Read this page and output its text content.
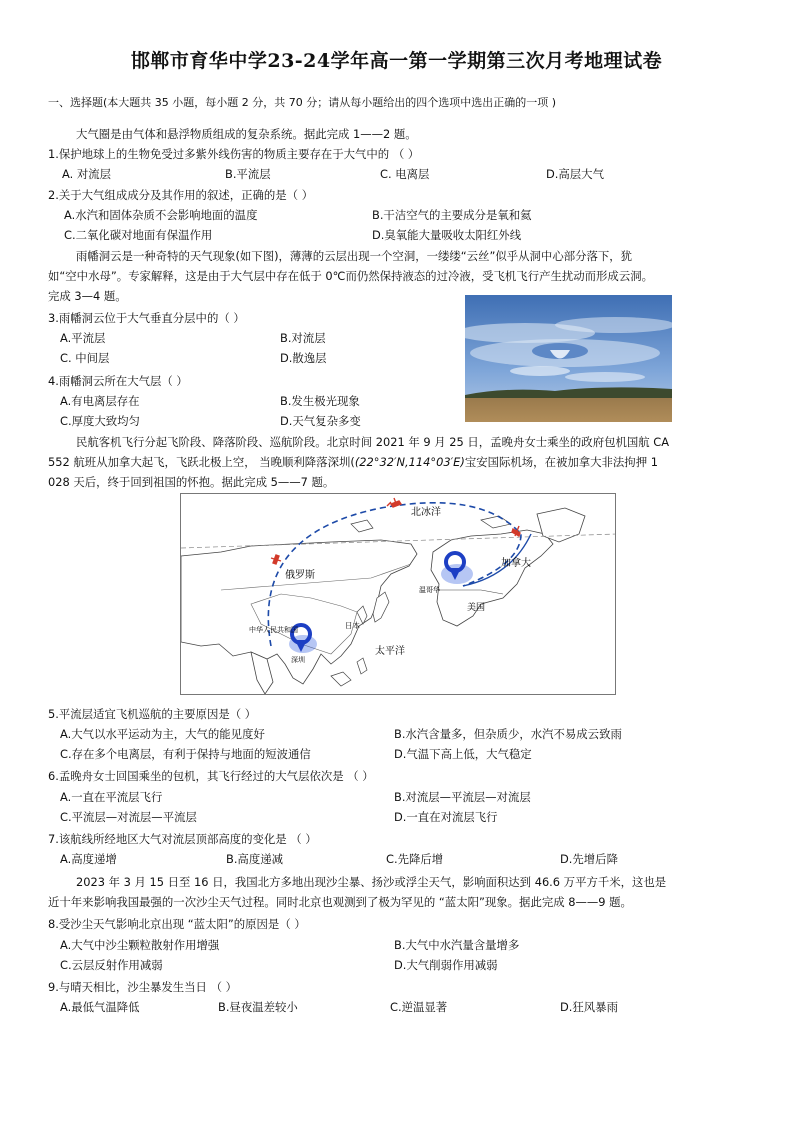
邯郸市育华中学23-24学年高一第一学期第三次月考地理试卷
一、选择题(本大题共 35 小题，每小题 2 分，共 70 分；请从每小题给出的四个选项中选出正确的一项 )
大气圈是由气体和悬浮物质组成的复杂系统。据此完成 1——2 题。
1.保护地球上的生物免受过多紫外线伤害的物质主要存在于大气中的 （ ）
A. 对流层	B.平流层	C. 电离层	D.高层大气
2.关于大气组成成分及其作用的叙述，正确的是（ ）
A.水汽和固体杂质不会影响地面的温度	B.干洁空气的主要成分是氧和氦
C.二氧化碳对地面有保温作用	D.臭氧能大量吸收太阳红外线
雨幡洞云是一种奇特的天气现象(如下图)，薄薄的云层出现一个空洞，一缕缕“云丝”似乎从洞中心部分落下，犹
如“空中水母”。专家解释，这是由于大气层中存在低于 0℃而仍然保持液态的过冷液，受飞机飞行产生扰动而形成云洞。
完成 3—4 题。
3.雨幡洞云位于大气垂直分层中的（ ）
A.平流层	B.对流层
C. 中间层	D.散逸层
4.雨幡洞云所在大气层（ ）
A.有电离层存在	B.发生极光现象
C.厚度大致均匀	D.天气复杂多变
民航客机飞行分起飞阶段、降落阶段、巡航阶段。北京时间 2021 年 9 月 25 日，孟晚舟女士乘坐的政府包机国航 CA
552 航班从加拿大起飞，飞跃北极上空， 当晚顺利降落深圳((22°32′N,114°03′E)宝安国际机场，在被加拿大非法拘押 1
028 天后，终于回到祖国的怀抱。据此完成 5——7 题。
北冰洋
俄罗斯
加拿大
温哥华
美国
中华人民共和国	日本
太平洋
深圳
5.平流层适宜飞机巡航的主要原因是（ ）
A.大气以水平运动为主，大气的能见度好	B.水汽含量多，但杂质少，水汽不易成云致雨
C.存在多个电离层，有利于保持与地面的短波通信	D.气温下高上低，大气稳定
6.孟晚舟女士回国乘坐的包机，其飞行经过的大气层依次是 （ ）
A.一直在平流层飞行	B.对流层—平流层—对流层
C.平流层—对流层—平流层	D.一直在对流层飞行
7.该航线所经地区大气对流层顶部高度的变化是 （ ）
A.高度递增	B.高度递减	C.先降后增	D.先增后降
2023 年 3 月 15 日至 16 日，我国北方多地出现沙尘暴、扬沙或浮尘天气，影响面积达到 46.6 万平方千米，这也是
近十年来影响我国最强的一次沙尘天气过程。同时北京也观测到了极为罕见的 “蓝太阳”现象。据此完成 8——9 题。
8.受沙尘天气影响北京出现 “蓝太阳”的原因是（ ）
A.大气中沙尘颗粒散射作用增强	B.大气中水汽量含量增多
C.云层反射作用减弱	D.大气削弱作用减弱
9.与晴天相比，沙尘暴发生当日 （ ）
A.最低气温降低	B.昼夜温差较小	C.逆温显著	D.狂风暴雨
